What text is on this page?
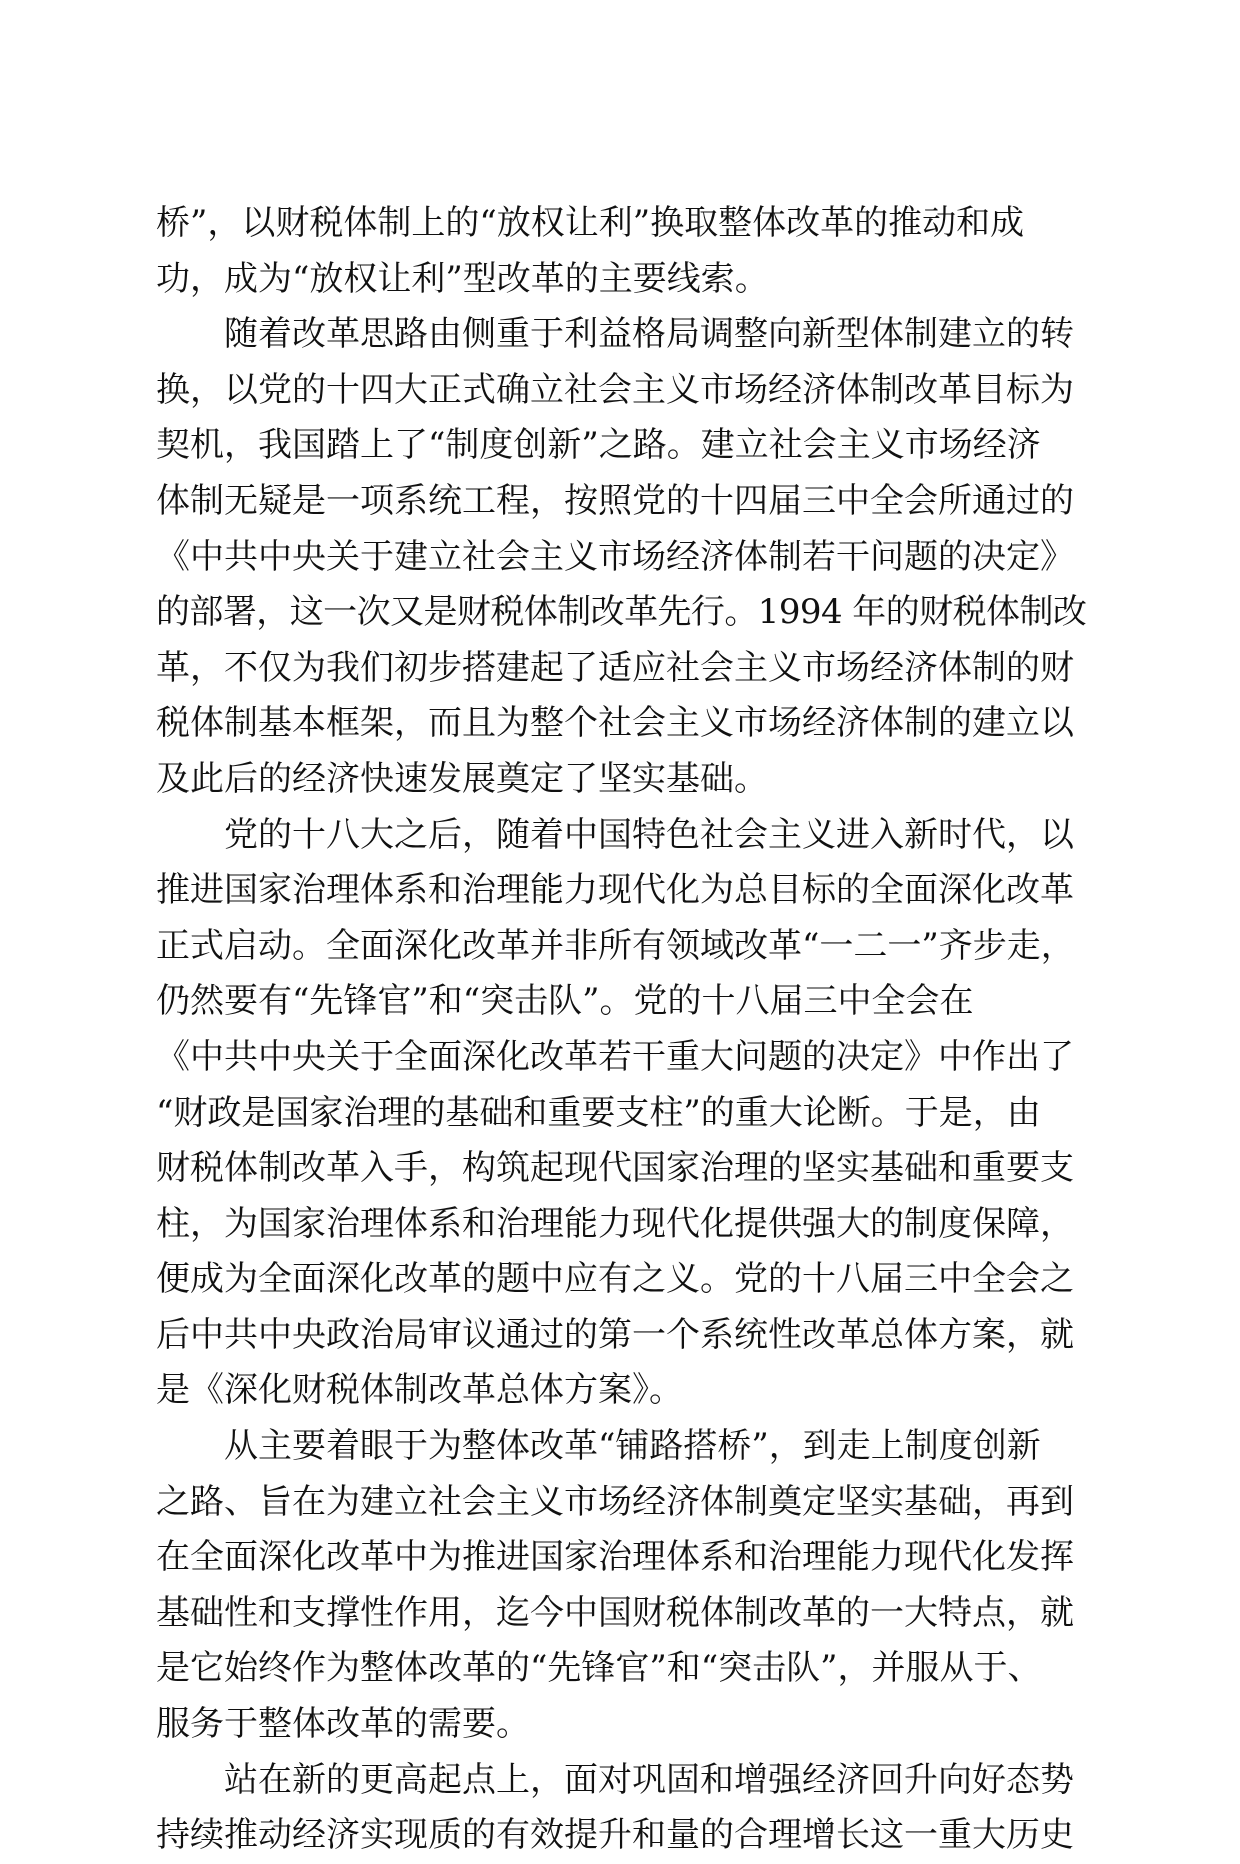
桥”，以财税体制上的“放权让利”换取整体改革的推动和成
功，成为“放权让利”型改革的主要线索。
随着改革思路由侧重于利益格局调整向新型体制建立的转
换，以党的十四大正式确立社会主义市场经济体制改革目标为
契机，我国踏上了“制度创新”之路。建立社会主义市场经济
体制无疑是一项系统工程，按照党的十四届三中全会所通过的
《中共中央关于建立社会主义市场经济体制若干问题的决定》
的部署，这一次又是财税体制改革先行。1994 年的财税体制改
革，不仅为我们初步搭建起了适应社会主义市场经济体制的财
税体制基本框架，而且为整个社会主义市场经济体制的建立以
及此后的经济快速发展奠定了坚实基础。
党的十八大之后，随着中国特色社会主义进入新时代，以
推进国家治理体系和治理能力现代化为总目标的全面深化改革
正式启动。全面深化改革并非所有领域改革“一二一”齐步走，
仍然要有“先锋官”和“突击队”。党的十八届三中全会在
《中共中央关于全面深化改革若干重大问题的决定》中作出了
“财政是国家治理的基础和重要支柱”的重大论断。于是，由
财税体制改革入手，构筑起现代国家治理的坚实基础和重要支
柱，为国家治理体系和治理能力现代化提供强大的制度保障，
便成为全面深化改革的题中应有之义。党的十八届三中全会之
后中共中央政治局审议通过的第一个系统性改革总体方案，就
是《深化财税体制改革总体方案》。
从主要着眼于为整体改革“铺路搭桥”，到走上制度创新
之路、旨在为建立社会主义市场经济体制奠定坚实基础，再到
在全面深化改革中为推进国家治理体系和治理能力现代化发挥
基础性和支撑性作用，迄今中国财税体制改革的一大特点，就
是它始终作为整体改革的“先锋官”和“突击队”，并服从于、
服务于整体改革的需要。
站在新的更高起点上，面对巩固和增强经济回升向好态势
持续推动经济实现质的有效提升和量的合理增长这一重大历史
